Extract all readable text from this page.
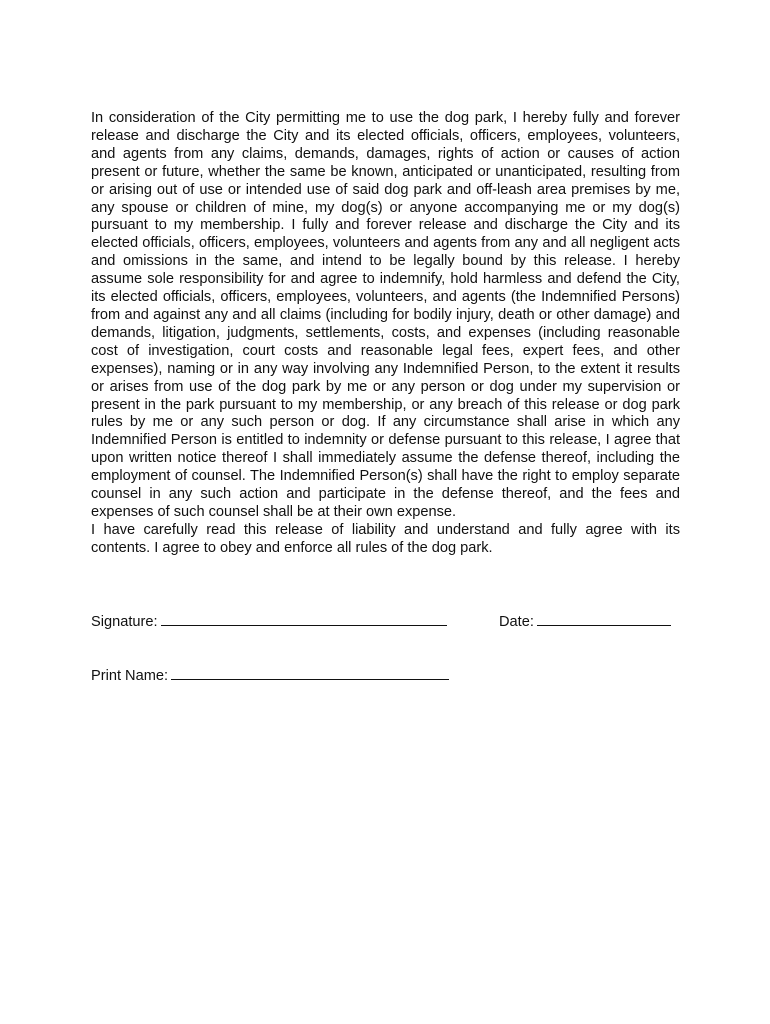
In consideration of the City permitting me to use the dog park, I hereby fully and forever release and discharge the City and its elected officials, officers, employees, volunteers, and agents from any claims, demands, damages, rights of action or causes of action present or future, whether the same be known, anticipated or unanticipated, resulting from or arising out of use or intended use of said dog park and off-leash area premises by me, any spouse or children of mine, my dog(s) or anyone accompanying me or my dog(s) pursuant to my membership. I fully and forever release and discharge the City and its elected officials, officers, employees, volunteers and agents from any and all negligent acts and omissions in the same, and intend to be legally bound by this release. I hereby assume sole responsibility for and agree to indemnify, hold harmless and defend the City, its elected officials, officers, employees, volunteers, and agents (the Indemnified Persons) from and against any and all claims (including for bodily injury, death or other damage) and demands, litigation, judgments, settlements, costs, and expenses (including reasonable cost of investigation, court costs and reasonable legal fees, expert fees, and other expenses), naming or in any way involving any Indemnified Person, to the extent it results or arises from use of the dog park by me or any person or dog under my supervision or present in the park pursuant to my membership, or any breach of this release or dog park rules by me or any such person or dog. If any circumstance shall arise in which any Indemnified Person is entitled to indemnity or defense pursuant to this release, I agree that upon written notice thereof I shall immediately assume the defense thereof, including the employment of counsel. The Indemnified Person(s) shall have the right to employ separate counsel in any such action and participate in the defense thereof, and the fees and expenses of such counsel shall be at their own expense.

I have carefully read this release of liability and understand and fully agree with its contents. I agree to obey and enforce all rules of the dog park.

Signature:	Date:
Print Name:
